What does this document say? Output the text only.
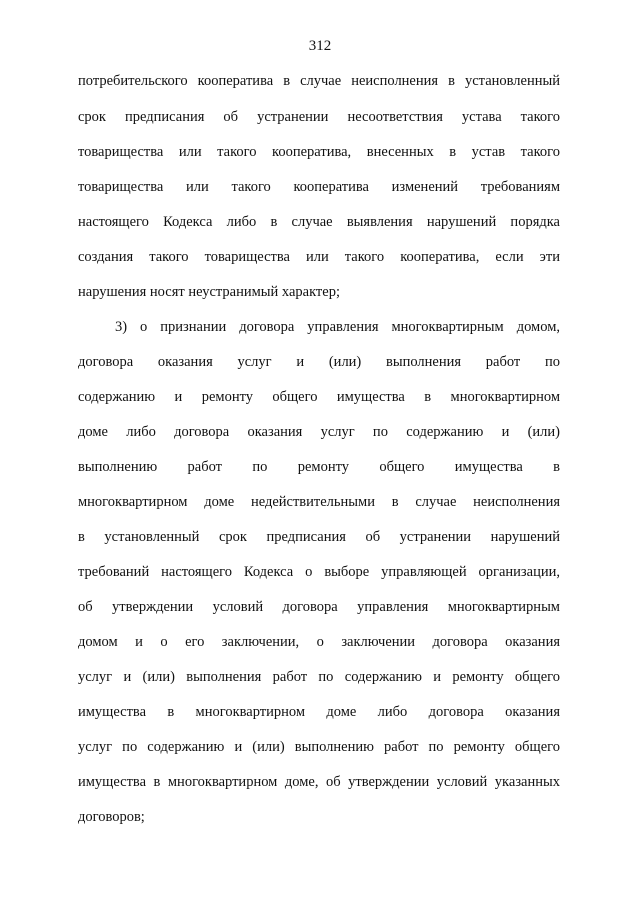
312
потребительского кооператива в случае неисполнения в установленный
срок предписания об устранении несоответствия устава такого
товарищества или такого кооператива, внесенных в устав такого
товарищества или такого кооператива изменений требованиям
настоящего Кодекса либо в случае выявления нарушений порядка
создания такого товарищества или такого кооператива, если эти
нарушения носят неустранимый характер;
3) о признании договора управления многоквартирным домом,
договора оказания услуг и (или) выполнения работ по
содержанию и ремонту общего имущества в многоквартирном
доме либо договора оказания услуг по содержанию и (или)
выполнению работ по ремонту общего имущества в
многоквартирном доме недействительными в случае неисполнения
в установленный срок предписания об устранении нарушений
требований настоящего Кодекса о выборе управляющей организации,
об утверждении условий договора управления многоквартирным
домом и о его заключении, о заключении договора оказания
услуг и (или) выполнения работ по содержанию и ремонту общего
имущества в многоквартирном доме либо договора оказания
услуг по содержанию и (или) выполнению работ по ремонту общего
имущества в многоквартирном доме, об утверждении условий указанных
договоров;
